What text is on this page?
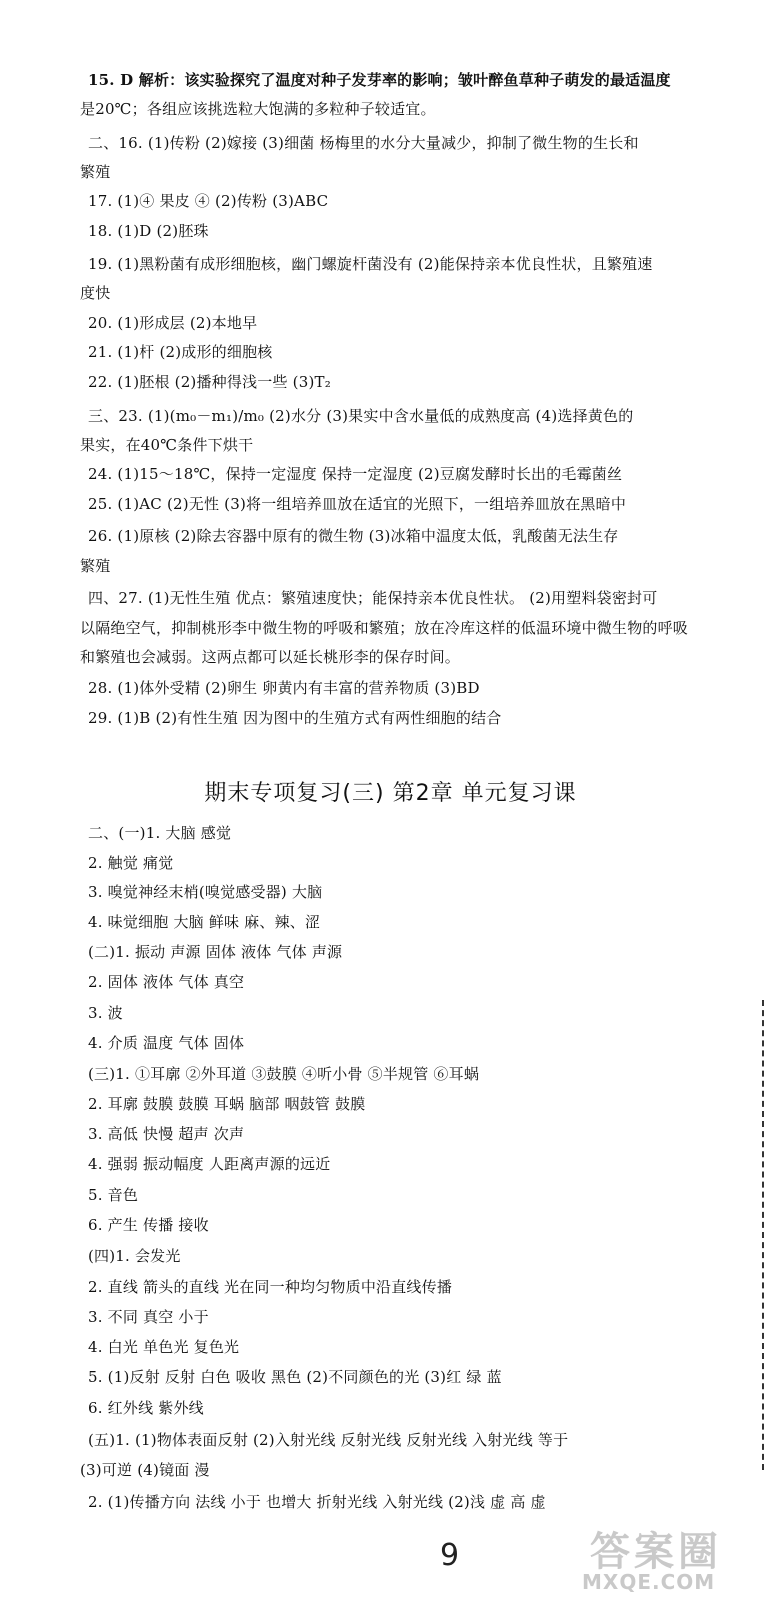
15. D 解析：该实验探究了温度对种子发芽率的影响；皱叶醉鱼草种子萌发的最适温度
是20℃；各组应该挑选粒大饱满的多粒种子较适宜。
二、16. (1)传粉 (2)嫁接 (3)细菌 杨梅里的水分大量减少，抑制了微生物的生长和
繁殖
17. (1)④ 果皮 ④ (2)传粉 (3)ABC
18. (1)D (2)胚珠
19. (1)黑粉菌有成形细胞核，幽门螺旋杆菌没有 (2)能保持亲本优良性状，且繁殖速
度快
20. (1)形成层 (2)本地早
21. (1)杆 (2)成形的细胞核
22. (1)胚根 (2)播种得浅一些 (3)T₂
三、23. (1)(m₀－m₁)/m₀ (2)水分 (3)果实中含水量低的成熟度高 (4)选择黄色的
果实，在40℃条件下烘干
24. (1)15～18℃，保持一定湿度 保持一定湿度 (2)豆腐发酵时长出的毛霉菌丝
25. (1)AC (2)无性 (3)将一组培养皿放在适宜的光照下，一组培养皿放在黑暗中
26. (1)原核 (2)除去容器中原有的微生物 (3)冰箱中温度太低，乳酸菌无法生存
繁殖
四、27. (1)无性生殖 优点：繁殖速度快；能保持亲本优良性状。 (2)用塑料袋密封可
以隔绝空气，抑制桃形李中微生物的呼吸和繁殖；放在冷库这样的低温环境中微生物的呼吸
和繁殖也会减弱。这两点都可以延长桃形李的保存时间。
28. (1)体外受精 (2)卵生 卵黄内有丰富的营养物质 (3)BD
29. (1)B (2)有性生殖 因为图中的生殖方式有两性细胞的结合
期末专项复习(三) 第2章 单元复习课
二、(一)1. 大脑 感觉
2. 触觉 痛觉
3. 嗅觉神经末梢(嗅觉感受器) 大脑
4. 味觉细胞 大脑 鲜味 麻、辣、涩
(二)1. 振动 声源 固体 液体 气体 声源
2. 固体 液体 气体 真空
3. 波
4. 介质 温度 气体 固体
(三)1. ①耳廓 ②外耳道 ③鼓膜 ④听小骨 ⑤半规管 ⑥耳蜗
2. 耳廓 鼓膜 鼓膜 耳蜗 脑部 咽鼓管 鼓膜
3. 高低 快慢 超声 次声
4. 强弱 振动幅度 人距离声源的远近
5. 音色
6. 产生 传播 接收
(四)1. 会发光
2. 直线 箭头的直线 光在同一种均匀物质中沿直线传播
3. 不同 真空 小于
4. 白光 单色光 复色光
5. (1)反射 反射 白色 吸收 黑色 (2)不同颜色的光 (3)红 绿 蓝
6. 红外线 紫外线
(五)1. (1)物体表面反射 (2)入射光线 反射光线 反射光线 入射光线 等于
(3)可逆 (4)镜面 漫
2. (1)传播方向 法线 小于 也增大 折射光线 入射光线 (2)浅 虚 高 虚
答案圈
MXQE.COM
9
